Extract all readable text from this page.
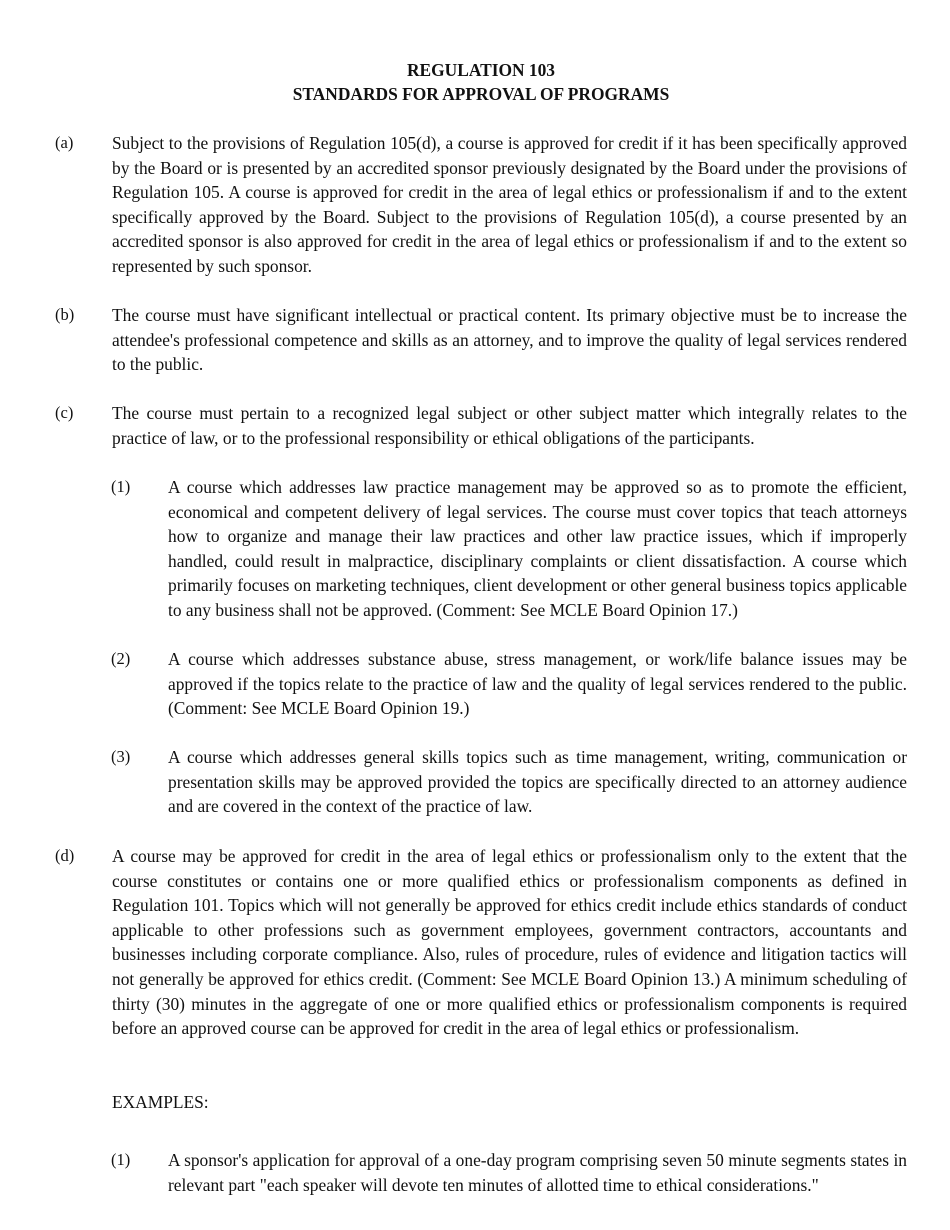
REGULATION 103
STANDARDS FOR APPROVAL OF PROGRAMS
(a) Subject to the provisions of Regulation 105(d), a course is approved for credit if it has been specifically approved by the Board or is presented by an accredited sponsor previously designated by the Board under the provisions of Regulation 105. A course is approved for credit in the area of legal ethics or professionalism if and to the extent specifically approved by the Board. Subject to the provisions of Regulation 105(d), a course presented by an accredited sponsor is also approved for credit in the area of legal ethics or professionalism if and to the extent so represented by such sponsor.
(b) The course must have significant intellectual or practical content. Its primary objective must be to increase the attendee's professional competence and skills as an attorney, and to improve the quality of legal services rendered to the public.
(c) The course must pertain to a recognized legal subject or other subject matter which integrally relates to the practice of law, or to the professional responsibility or ethical obligations of the participants.
(1) A course which addresses law practice management may be approved so as to promote the efficient, economical and competent delivery of legal services. The course must cover topics that teach attorneys how to organize and manage their law practices and other law practice issues, which if improperly handled, could result in malpractice, disciplinary complaints or client dissatisfaction. A course which primarily focuses on marketing techniques, client development or other general business topics applicable to any business shall not be approved. (Comment: See MCLE Board Opinion 17.)
(2) A course which addresses substance abuse, stress management, or work/life balance issues may be approved if the topics relate to the practice of law and the quality of legal services rendered to the public. (Comment: See MCLE Board Opinion 19.)
(3) A course which addresses general skills topics such as time management, writing, communication or presentation skills may be approved provided the topics are specifically directed to an attorney audience and are covered in the context of the practice of law.
(d) A course may be approved for credit in the area of legal ethics or professionalism only to the extent that the course constitutes or contains one or more qualified ethics or professionalism components as defined in Regulation 101. Topics which will not generally be approved for ethics credit include ethics standards of conduct applicable to other professions such as government employees, government contractors, accountants and businesses including corporate compliance. Also, rules of procedure, rules of evidence and litigation tactics will not generally be approved for ethics credit. (Comment: See MCLE Board Opinion 13.) A minimum scheduling of thirty (30) minutes in the aggregate of one or more qualified ethics or professionalism components is required before an approved course can be approved for credit in the area of legal ethics or professionalism.
EXAMPLES:
(1) A sponsor's application for approval of a one-day program comprising seven 50 minute segments states in relevant part "each speaker will devote ten minutes of allotted time to ethical considerations."
